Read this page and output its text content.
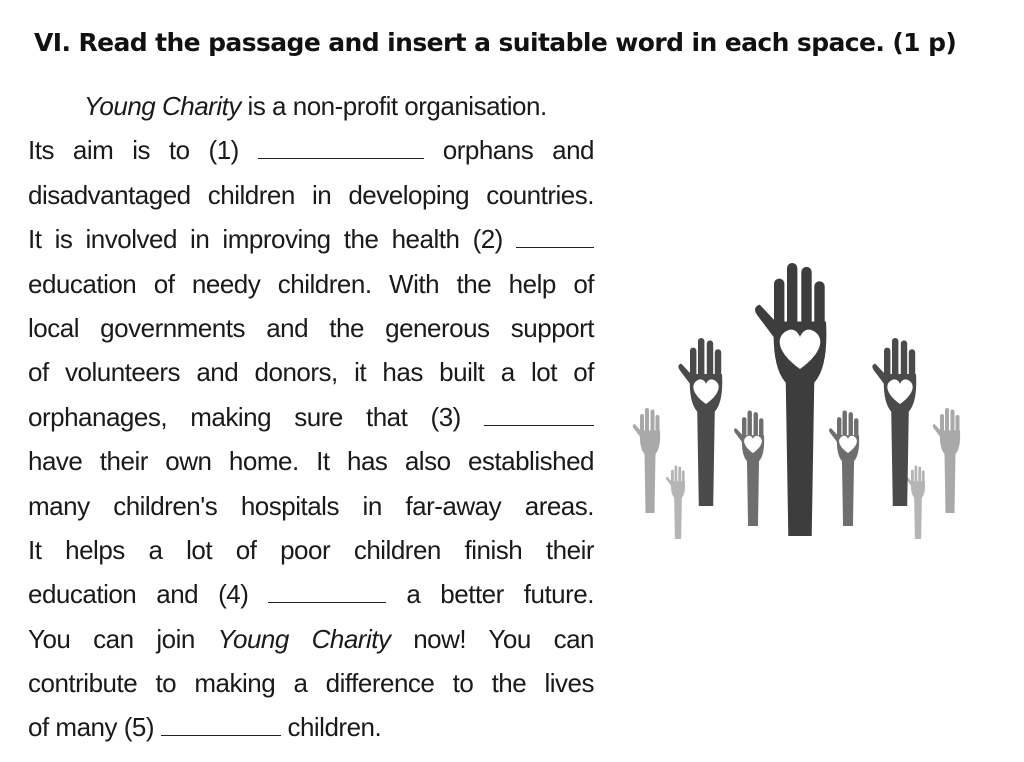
VI. Read the passage and insert a suitable word in each space. (1 p)
Young Charity is a non-profit organisation.
Its aim is to (1)	orphans and
disadvantaged children in developing countries.
It is involved in improving the health (2)
education of needy children. With the help of
local governments and the generous support
of volunteers and donors, it has built a lot of
orphanages, making sure that (3)
have their own home. It has also established
many children's hospitals in far-away areas.
It helps a lot of poor children finish their
education and (4)	a better future.
You can join Young Charity now! You can
contribute to making a difference to the lives
of many (5)	children.
